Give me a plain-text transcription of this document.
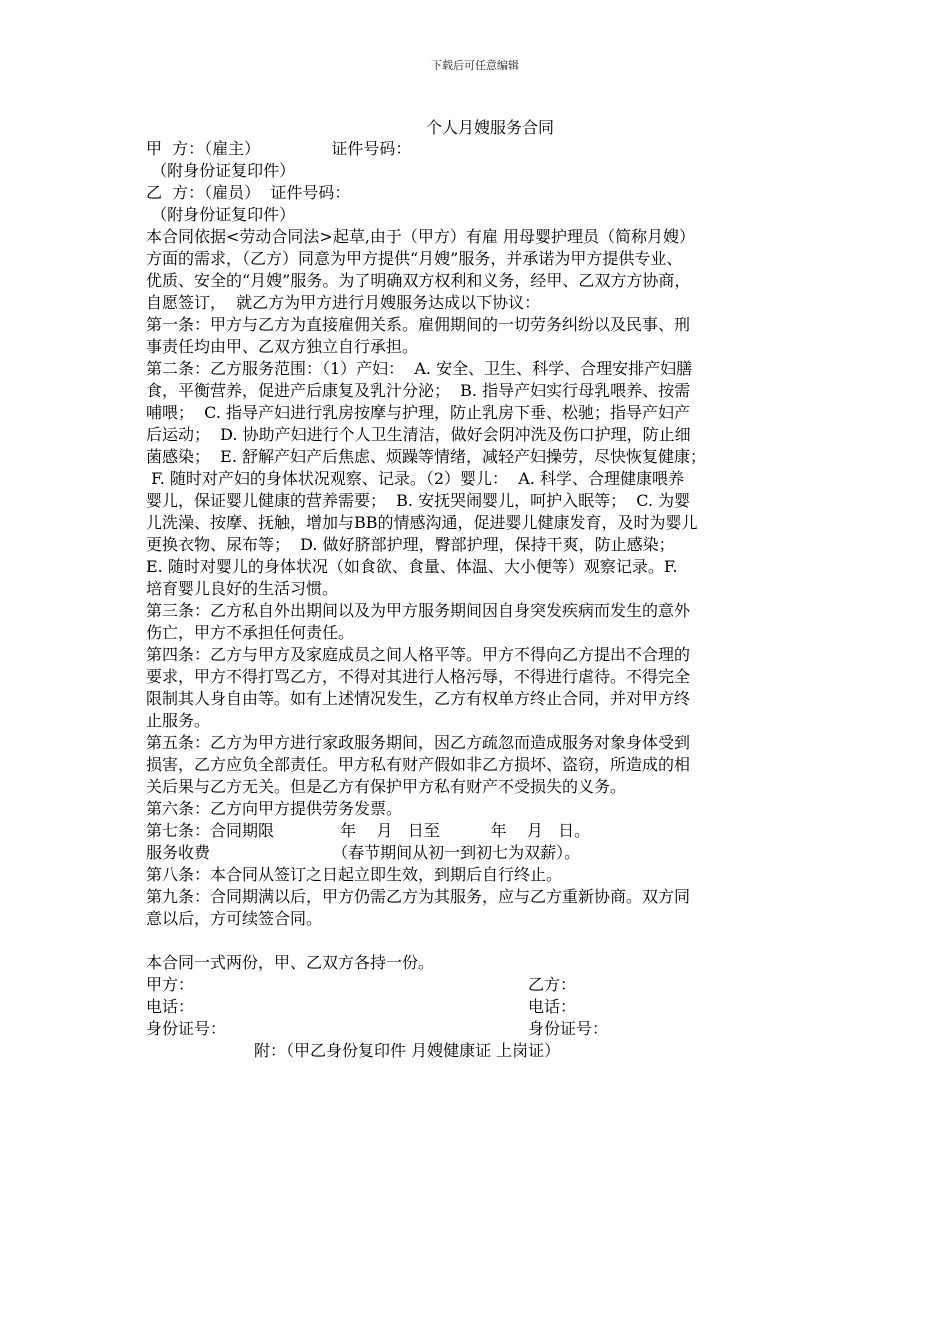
下载后可任意编辑
个人月嫂服务合同
甲  方：（雇主）              证件号码：
（附身份证复印件）
乙  方：（雇员）  证件号码：
（附身份证复印件）
本合同依据<劳动合同法>起草,由于（甲方）有雇 用母婴护理员（简称月嫂）
方面的需求，（乙方）同意为甲方提供“月嫂”服务，并承诺为甲方提供专业、
优质、安全的“月嫂”服务。为了明确双方权利和义务，经甲、乙双方方协商，
自愿签订，  就乙方为甲方进行月嫂服务达成以下协议：
第一条：甲方与乙方为直接雇佣关系。雇佣期间的一切劳务纠纷以及民事、刑
事责任均由甲、乙双方独立自行承担。
第二条：乙方服务范围：（1）产妇：  A. 安全、卫生、科学、合理安排产妇膳
食，平衡营养，促进产后康复及乳汁分泌；  B. 指导产妇实行母乳喂养、按需
哺喂；  C. 指导产妇进行乳房按摩与护理，防止乳房下垂、松驰；指导产妇产
后运动；  D. 协助产妇进行个人卫生清洁，做好会阴冲洗及伤口护理，防止细
菌感染；  E. 舒解产妇产后焦虑、烦躁等情绪，减轻产妇操劳，尽快恢复健康；
F. 随时对产妇的身体状况观察、记录。（2）婴儿：  A. 科学、合理健康喂养
婴儿，保证婴儿健康的营养需要；  B. 安抚哭闹婴儿，呵护入眠等；  C. 为婴
儿洗澡、按摩、抚触，增加与BB的情感沟通，促进婴儿健康发育，及时为婴儿
更换衣物、尿布等；  D. 做好脐部护理，臀部护理，保持干爽，防止感染；
E. 随时对婴儿的身体状况（如食欲、食量、体温、大小便等）观察记录。F.
培育婴儿良好的生活习惯。
第三条：乙方私自外出期间以及为甲方服务期间因自身突发疾病而发生的意外
伤亡，甲方不承担任何责任。
第四条：乙方与甲方及家庭成员之间人格平等。甲方不得向乙方提出不合理的
要求，甲方不得打骂乙方，不得对其进行人格污辱，不得进行虐待。不得完全
限制其人身自由等。如有上述情况发生，乙方有权单方终止合同，并对甲方终
止服务。
第五条：乙方为甲方进行家政服务期间，因乙方疏忽而造成服务对象身体受到
损害，乙方应负全部责任。甲方私有财产假如非乙方损坏、盗窃，所造成的相
关后果与乙方无关。但是乙方有保护甲方私有财产不受损失的义务。
第六条：乙方向甲方提供劳务发票。
第七条：合同期限             年    月   日至          年    月   日。
服务收费                        （春节期间从初一到初七为双薪）。
第八条：本合同从签订之日起立即生效，到期后自行终止。
第九条：合同期满以后，甲方仍需乙方为其服务，应与乙方重新协商。双方同
意以后，方可续签合同。
本合同一式两份，甲、乙双方各持一份。
甲方：	乙方：
电话：	电话：
身份证号：	身份证号：
附：（甲乙身份复印件 月嫂健康证 上岗证）
